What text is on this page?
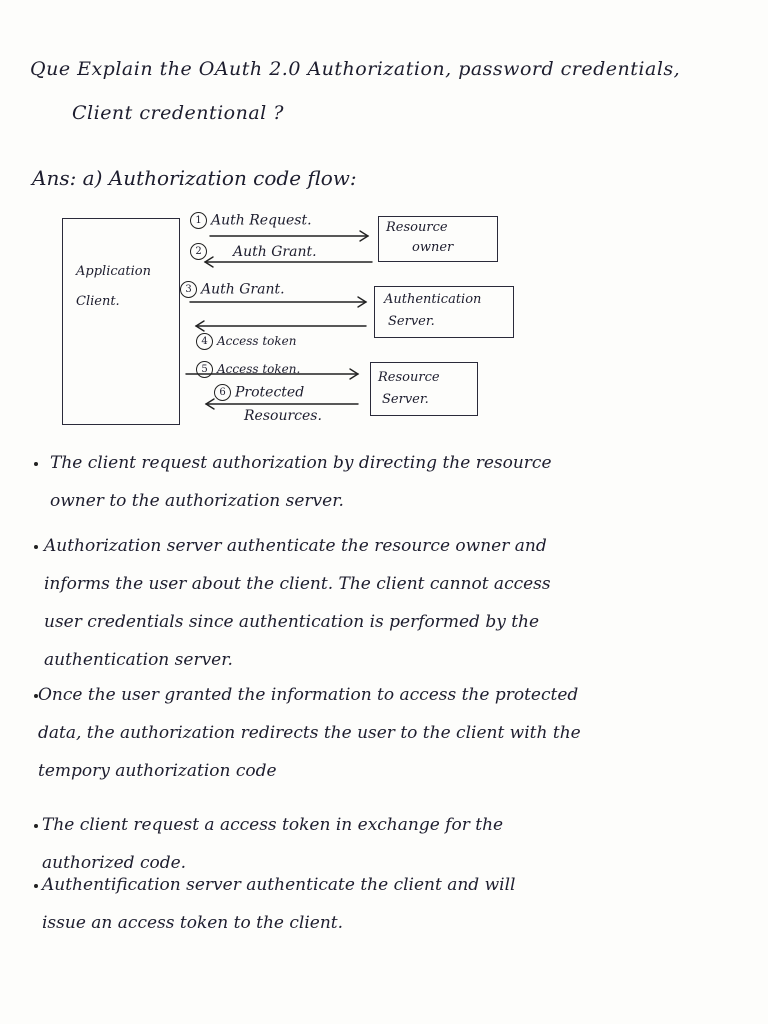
Que Explain the OAuth 2.0 Authorization, password credentials,
Client credentional ?
Ans: a) Authorization code flow:
Application
Client.
Resource
owner
Authentication
Server.
Resource
Server.
1 Auth Request.
2 Auth Grant.
3 Auth Grant.
4 Access token
5 Access token.
6 Protected
Resources.
The client request authorization by directing the resource
owner to the authorization server.
Authorization server authenticate the resource owner and
informs the user about the client. The client cannot access
user credentials since authentication is performed by the
authentication server.
Once the user granted the information to access the protected
data, the authorization redirects the user to the client with the
tempory authorization code
The client request a access token in exchange for the
authorized code.
Authentification server authenticate the client and will
issue an access token to the client.
